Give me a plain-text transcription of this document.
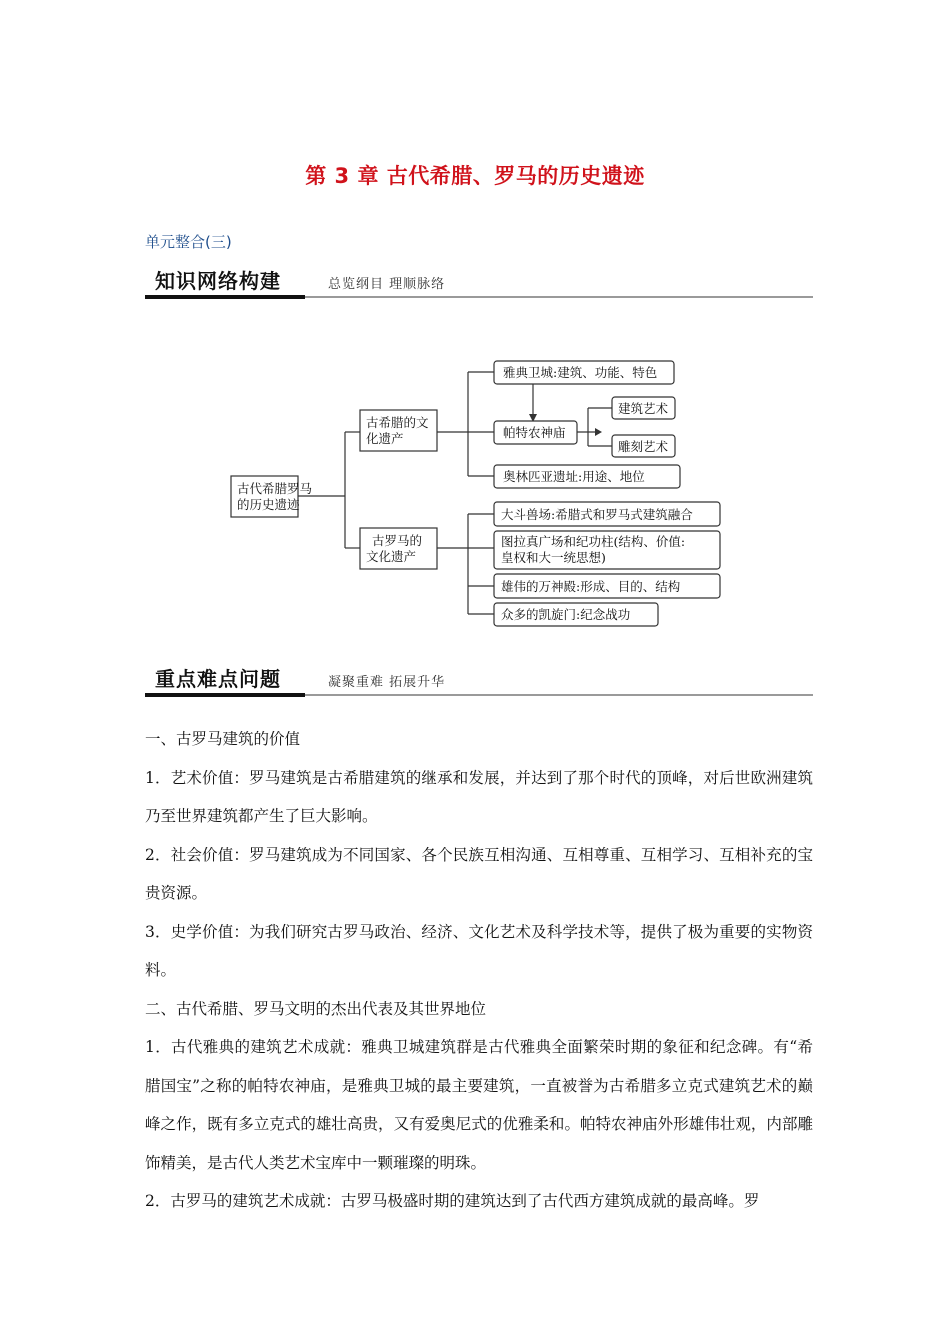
第 3 章 古代希腊、罗马的历史遗迹
单元整合(三)
知识网络构建	总览纲目 理顺脉络
古代希腊罗马
的历史遗迹
古希腊的文
化遗产
古罗马的
文化遗产
雅典卫城:建筑、功能、特色
帕特农神庙
建筑艺术
雕刻艺术
奥林匹亚遗址:用途、地位
大斗兽场:希腊式和罗马式建筑融合
图拉真广场和纪功柱(结构、价值:
皇权和大一统思想)
雄伟的万神殿:形成、目的、结构
众多的凯旋门:纪念战功
重点难点问题	凝聚重难 拓展升华

一、古罗马建筑的价值

1．艺术价值：罗马建筑是古希腊建筑的继承和发展，并达到了那个时代的顶峰，对后世欧洲建筑乃至世界建筑都产生了巨大影响。

2．社会价值：罗马建筑成为不同国家、各个民族互相沟通、互相尊重、互相学习、互相补充的宝贵资源。

3．史学价值：为我们研究古罗马政治、经济、文化艺术及科学技术等，提供了极为重要的实物资料。

二、古代希腊、罗马文明的杰出代表及其世界地位

1．古代雅典的建筑艺术成就：雅典卫城建筑群是古代雅典全面繁荣时期的象征和纪念碑。有“希腊国宝”之称的帕特农神庙，是雅典卫城的最主要建筑，一直被誉为古希腊多立克式建筑艺术的巅峰之作，既有多立克式的雄壮高贵，又有爱奥尼式的优雅柔和。帕特农神庙外形雄伟壮观，内部雕饰精美，是古代人类艺术宝库中一颗璀璨的明珠。

2．古罗马的建筑艺术成就：古罗马极盛时期的建筑达到了古代西方建筑成就的最高峰。罗
